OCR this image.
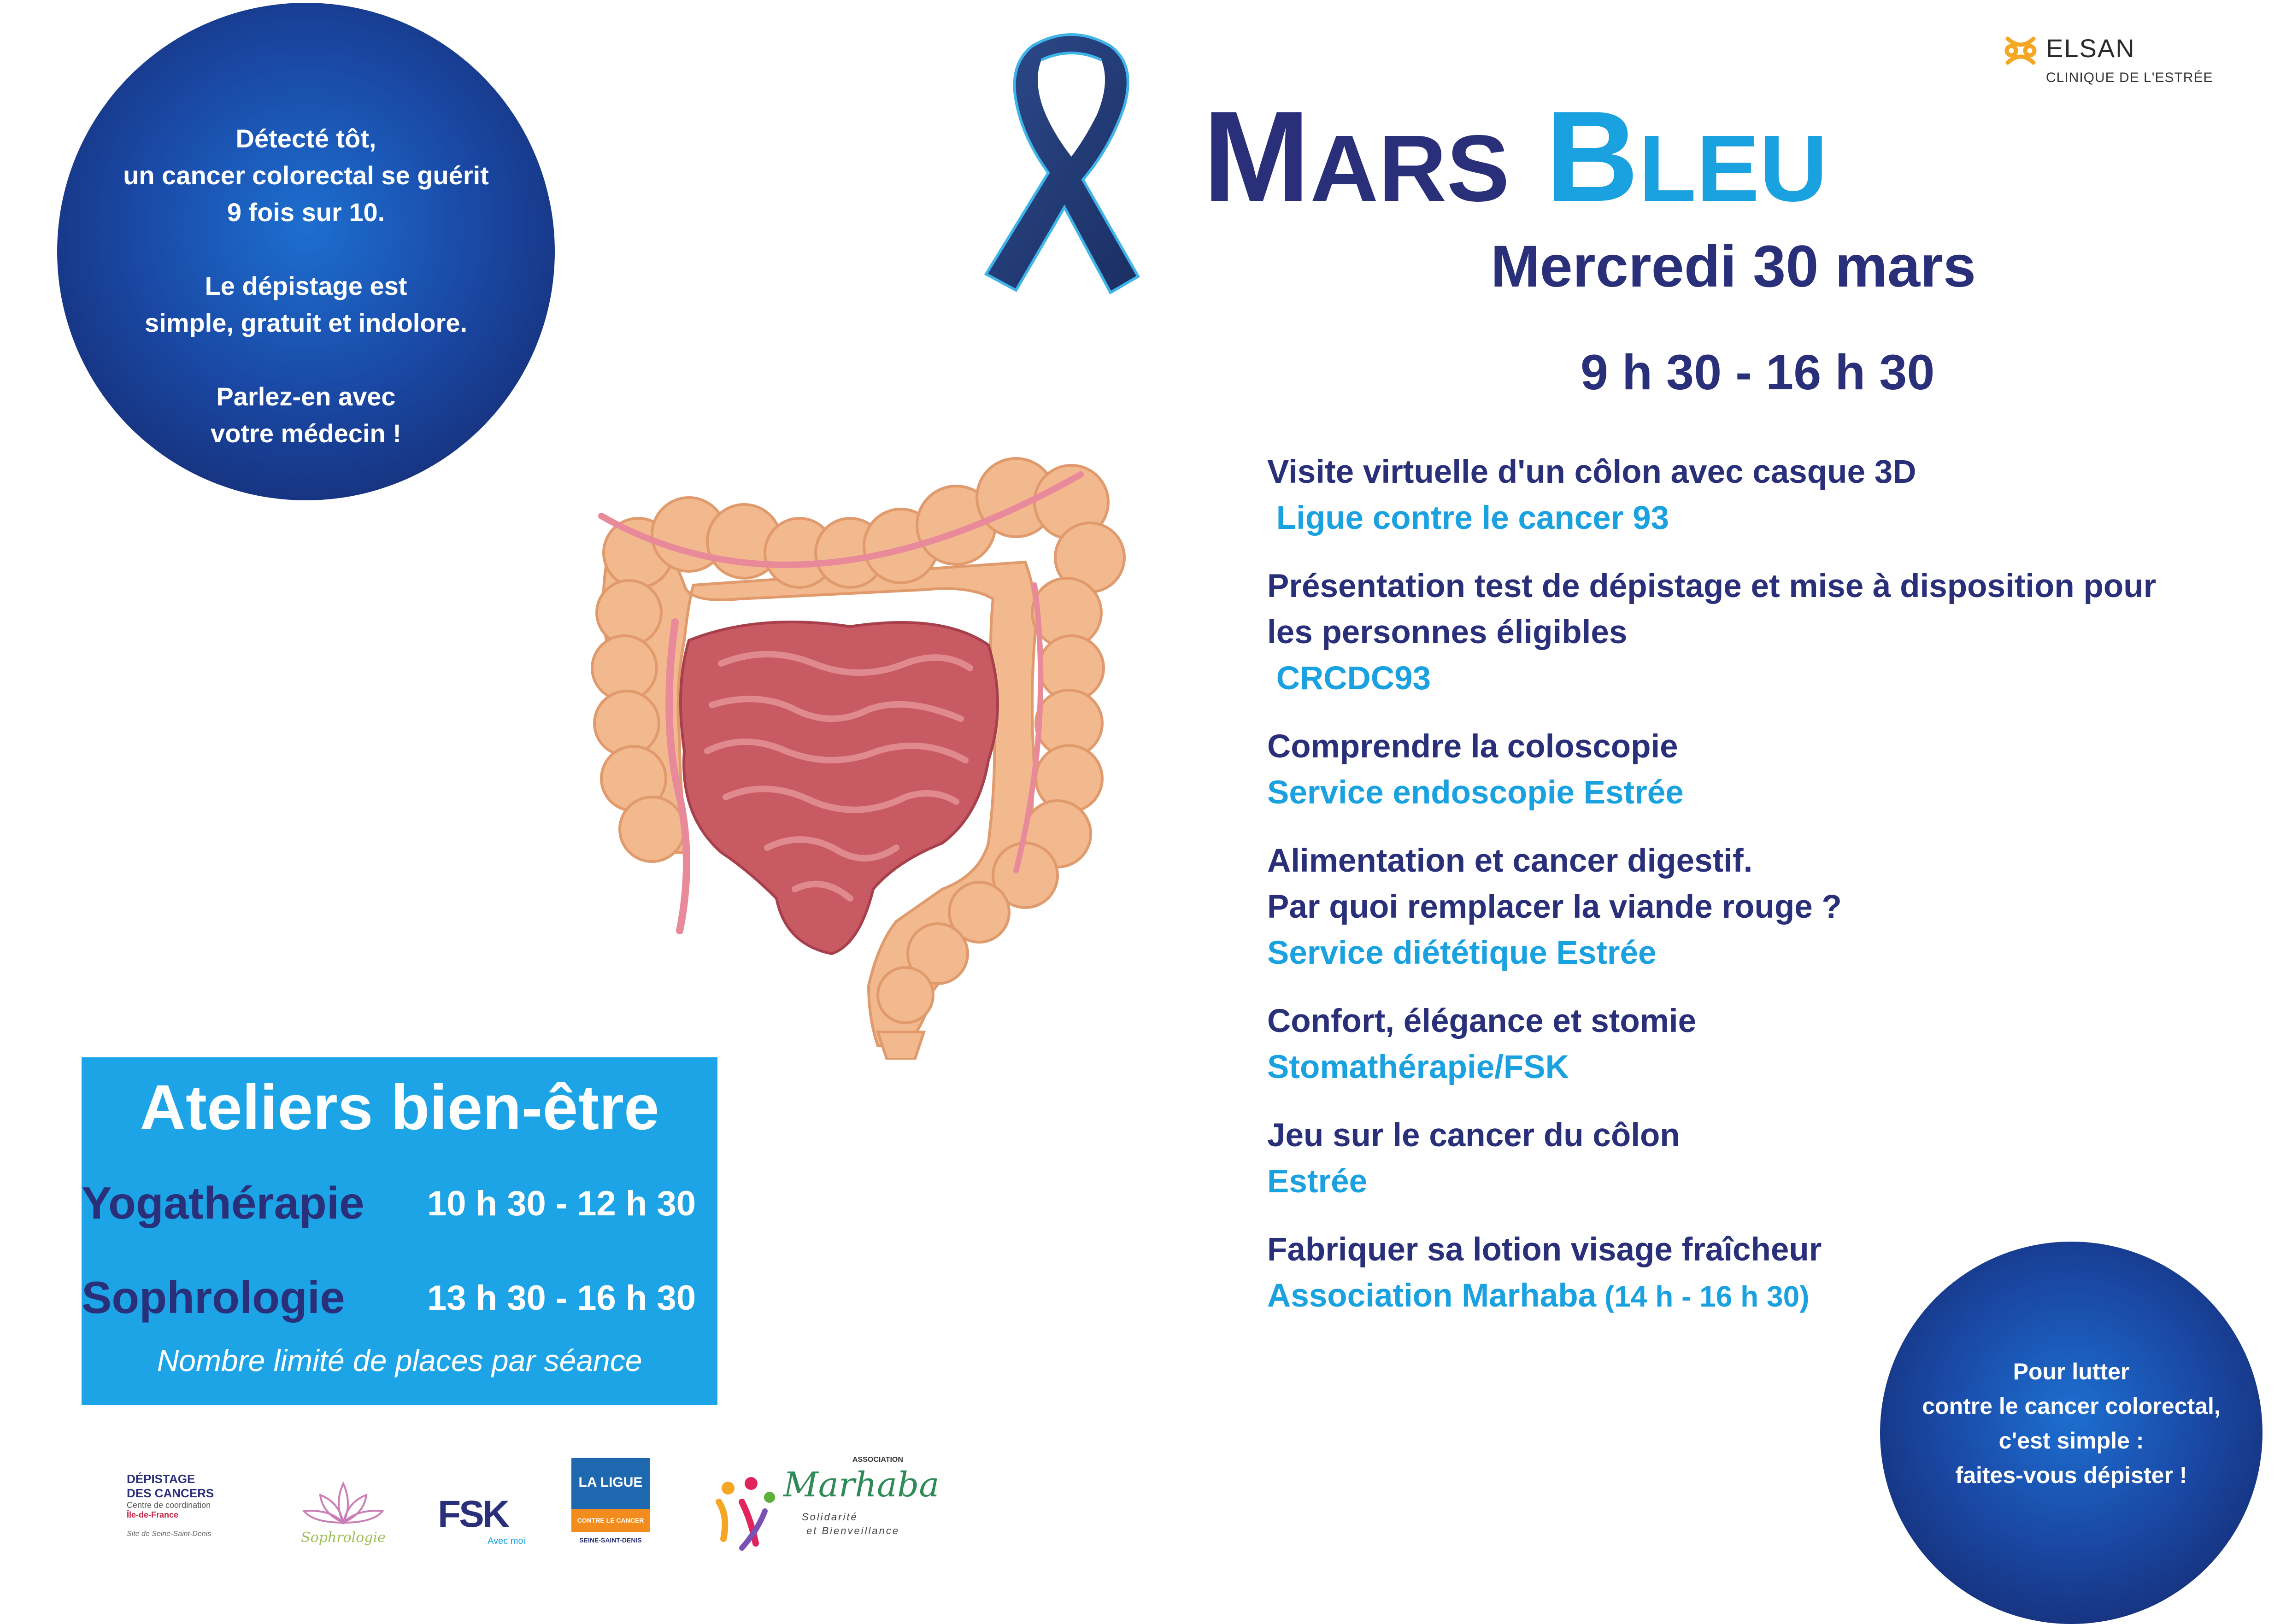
Détecté tôt,
un cancer colorectal se guérit

9 fois sur 10.

Le dépistage est

simple, gratuit et indolore.

Parlez-en avec
votre médecin !
ELSAN
CLINIQUE DE L'ESTRÉE
MARS BLEU
Mercredi 30 mars
9 h 30 - 16 h 30
Visite virtuelle d'un côlon avec casque 3D
Ligue contre le cancer 93
Présentation test de dépistage et mise à disposition pour
les personnes éligibles
CRCDC93
Comprendre la coloscopie
Service endoscopie Estrée
Alimentation et cancer digestif.
Par quoi remplacer la viande rouge ?
Service diététique Estrée
Confort, élégance et stomie
Stomathérapie/FSK
Jeu sur le cancer du côlon
Estrée
Fabriquer sa lotion visage fraîcheur
Association Marhaba (14 h - 16 h 30)
Ateliers bien-être
Yogathérapie 10 h 30 - 12 h 30
Sophrologie 13 h 30 - 16 h 30
Nombre limité de places par séance	Pour lutter
contre le cancer colorectal,
c'est simple :
faites-vous dépister !
DÉPISTAGE
DES CANCERS
Centre de coordination
Île-de-France
Site de Seine-Saint-Denis	Sophrologie
FSK
Avec moi
LA LIGUE
CONTRE LE CANCER
SEINE-SAINT-DENIS
ASSOCIATION
Marhaba
Solidarité
et Bienveillance
